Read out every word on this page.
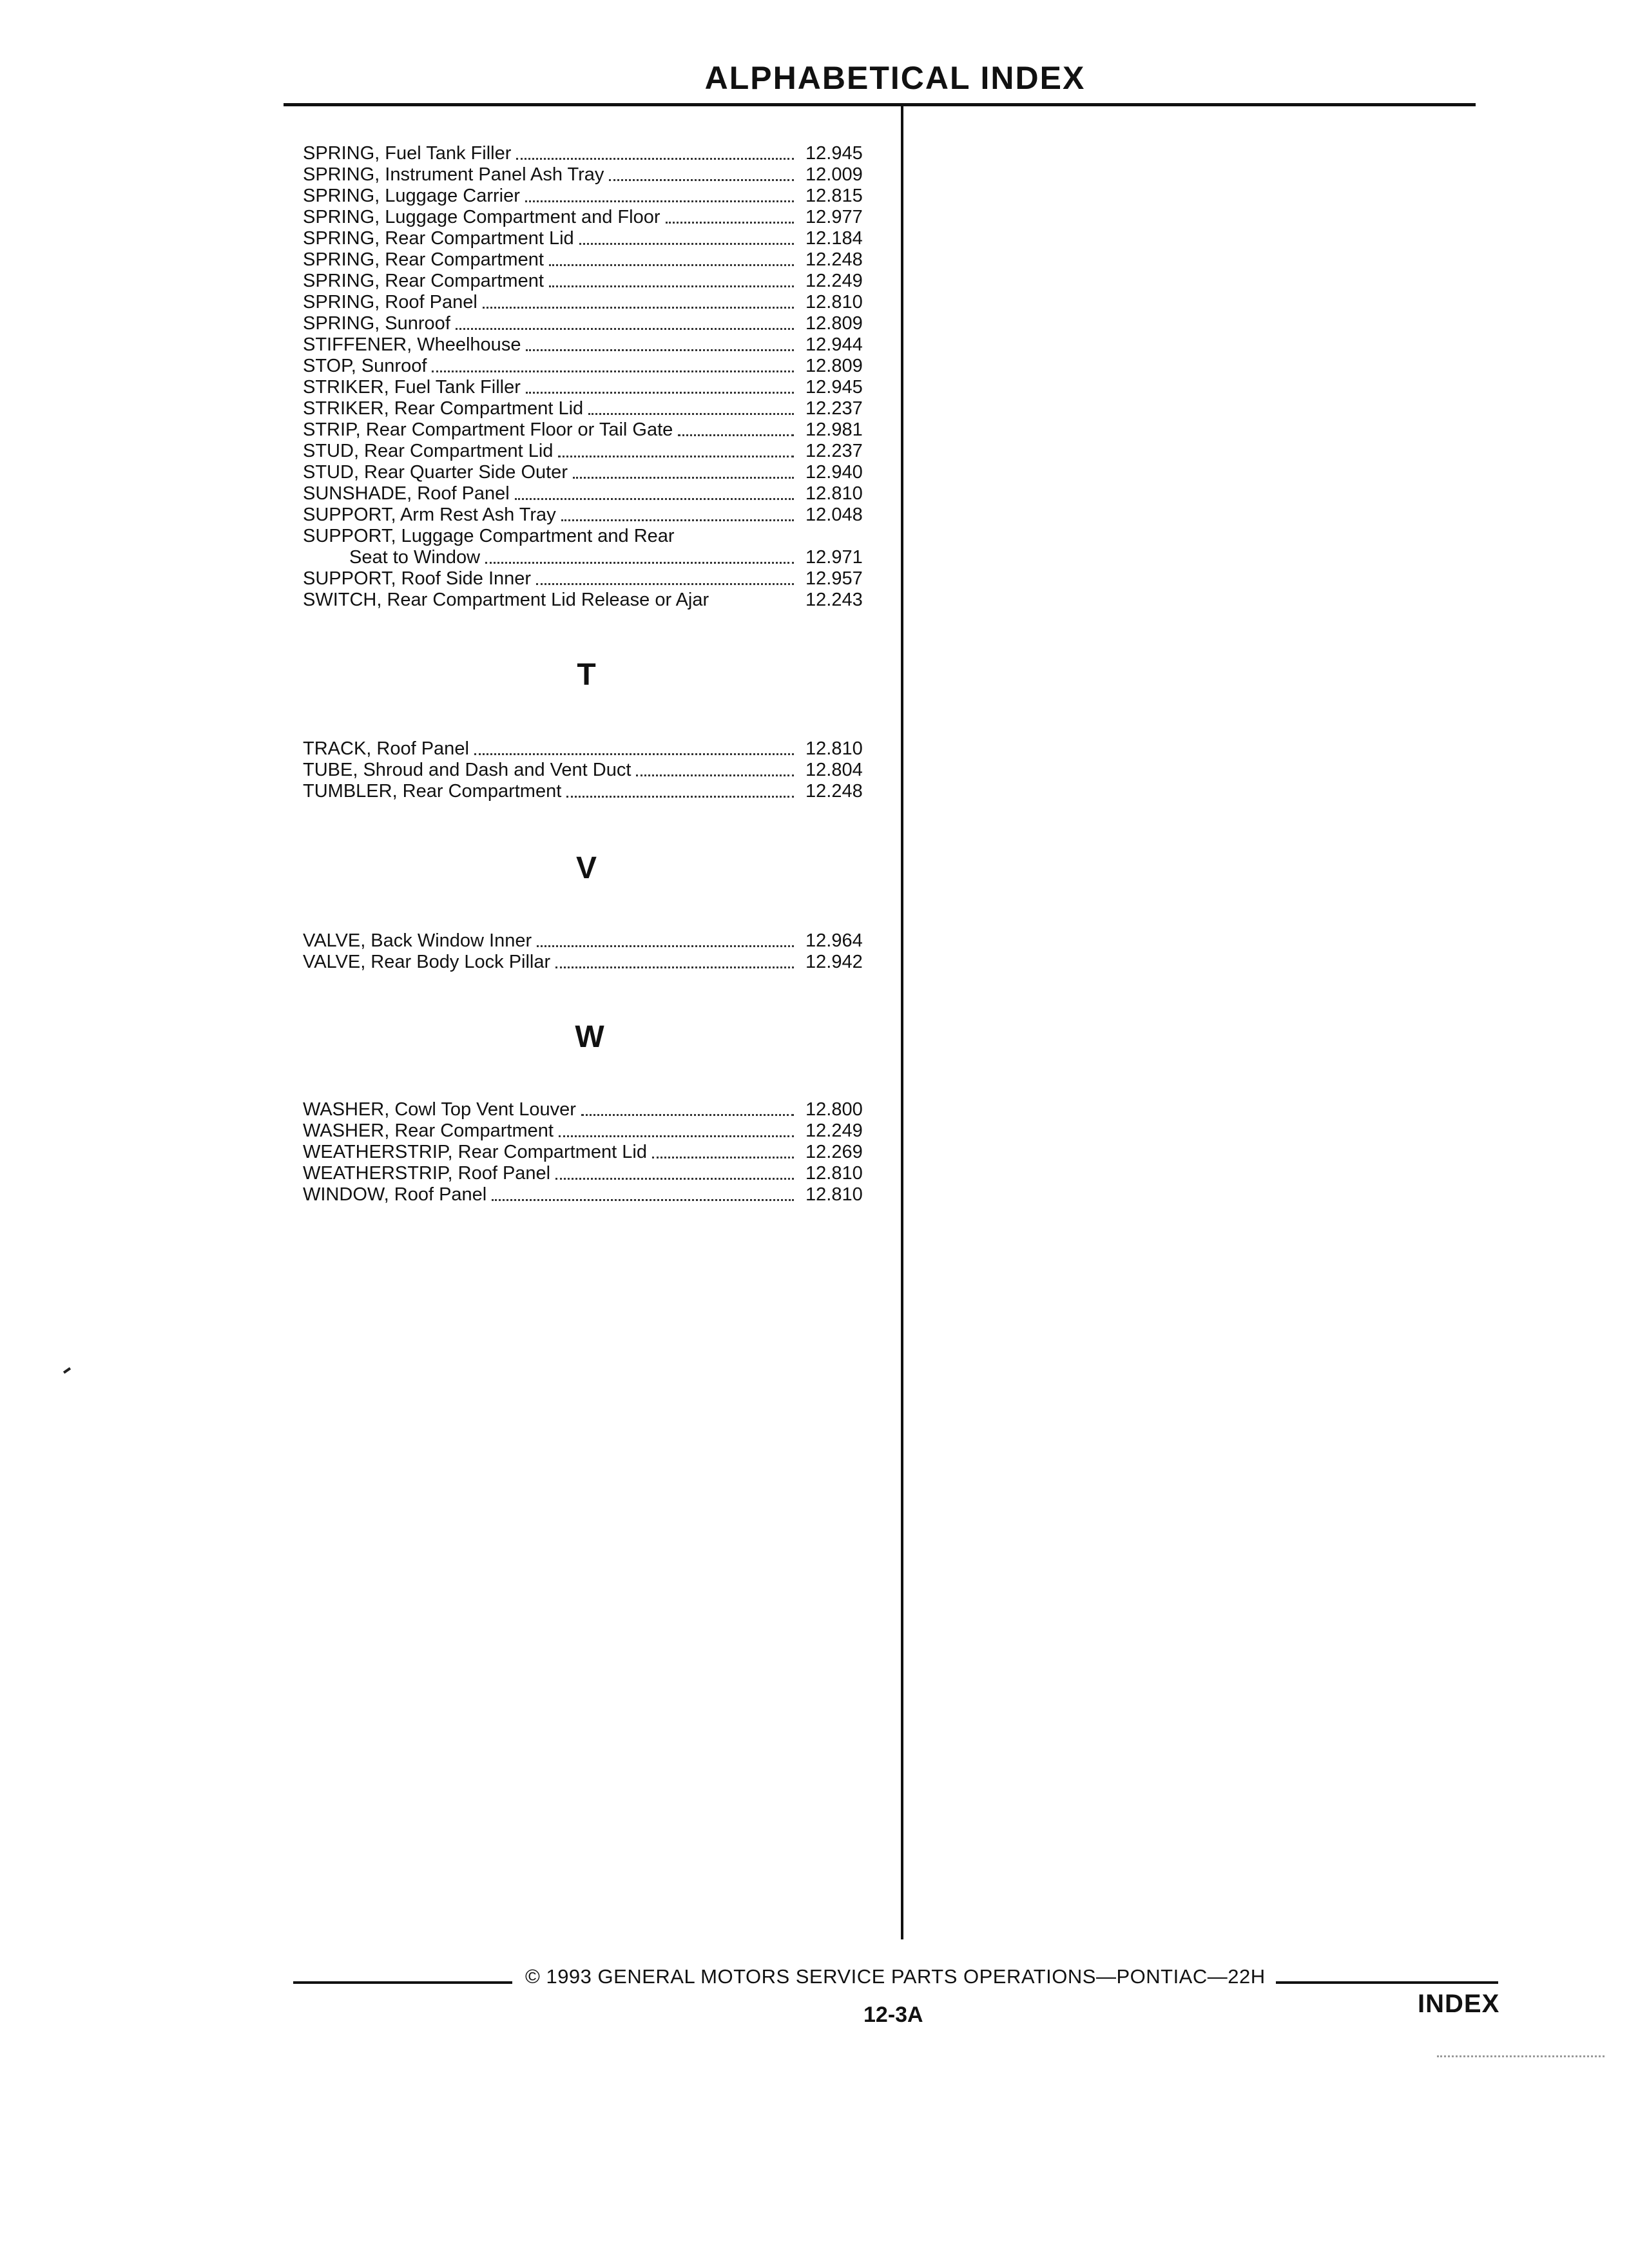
ALPHABETICAL INDEX
SPRING, Fuel Tank Filler	12.945
SPRING, Instrument Panel Ash Tray	12.009
SPRING, Luggage Carrier	12.815
SPRING, Luggage Compartment and Floor	12.977
SPRING, Rear Compartment Lid	12.184
SPRING, Rear Compartment	12.248
SPRING, Rear Compartment	12.249
SPRING, Roof Panel	12.810
SPRING, Sunroof	12.809
STIFFENER, Wheelhouse	12.944
STOP, Sunroof	12.809
STRIKER, Fuel Tank Filler	12.945
STRIKER, Rear Compartment Lid	12.237
STRIP, Rear Compartment Floor or Tail Gate	12.981
STUD, Rear Compartment Lid	12.237
STUD, Rear Quarter Side Outer	12.940
SUNSHADE, Roof Panel	12.810
SUPPORT, Arm Rest Ash Tray	12.048
SUPPORT, Luggage Compartment and Rear
Seat to Window	12.971
SUPPORT, Roof Side Inner	12.957
SWITCH, Rear Compartment Lid Release or Ajar	12.243
T
TRACK, Roof Panel	12.810
TUBE, Shroud and Dash and Vent Duct	12.804
TUMBLER, Rear Compartment	12.248
V
VALVE, Back Window Inner	12.964
VALVE, Rear Body Lock Pillar	12.942
W
WASHER, Cowl Top Vent Louver	12.800
WASHER, Rear Compartment	12.249
WEATHERSTRIP, Rear Compartment Lid	12.269
WEATHERSTRIP, Roof Panel	12.810
WINDOW, Roof Panel	12.810
© 1993 GENERAL MOTORS SERVICE PARTS OPERATIONS—PONTIAC—22H
12-3A	INDEX
